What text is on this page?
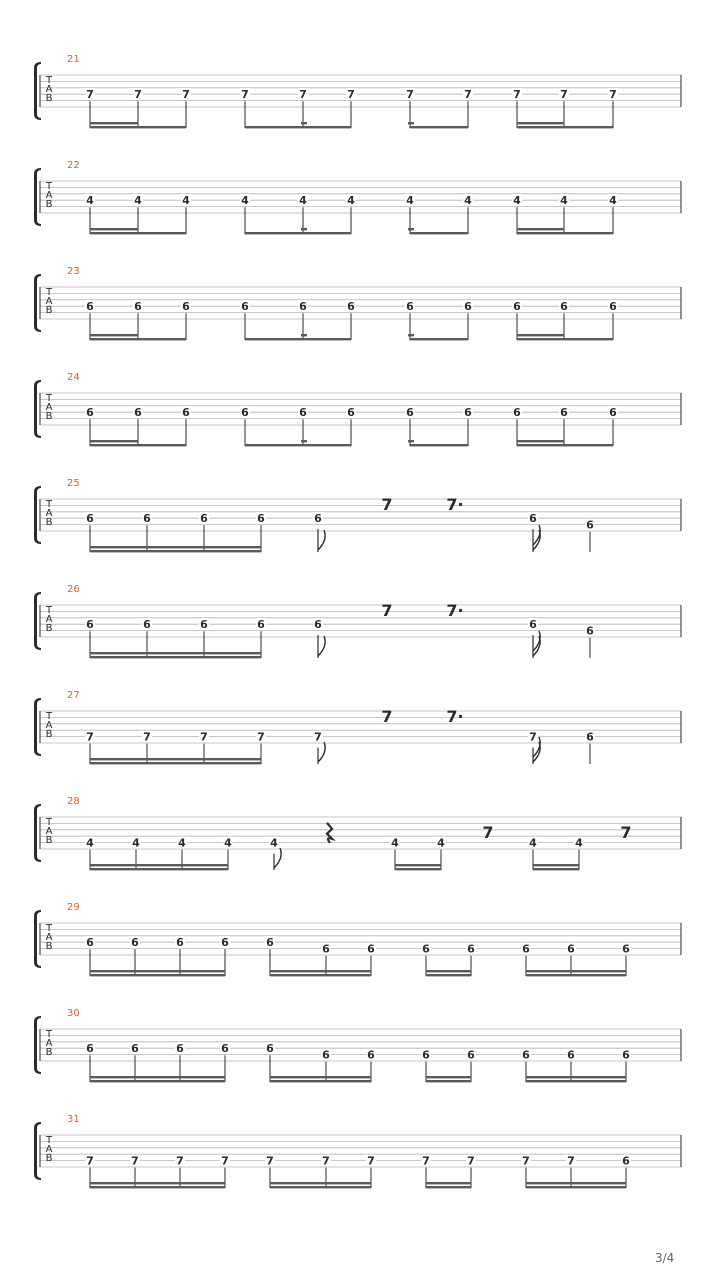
21
T
A
B	7	7	7	7	7	7	7	7	7	7	7
22
T
A
B	4	4	4	4	4	4	4	4	4	4	4
23
T
A
B	6	6	6	6	6	6	6	6	6	6	6
24
T
A
B	6	6	6	6	6	6	6	6	6	6	6
25
T
A
B	6	6	6	6	6
7	7·
6	6
26
T
A
B	6	6	6	6	6
7	7·
6	6
27
T
A
B	7	7	7	7	7
7	7·
7	6
28
T
A
B	4	4	4	4	4	4	4
7
4	4
7
29
T
A
B	6	6	6	6	6	6	6	6	6	6	6	6
30
T
A
B	6	6	6	6	6	6	6	6	6	6	6	6
31
T
A
B	7	7	7	7	7	7	7	7	7	7	7	6
3/4
